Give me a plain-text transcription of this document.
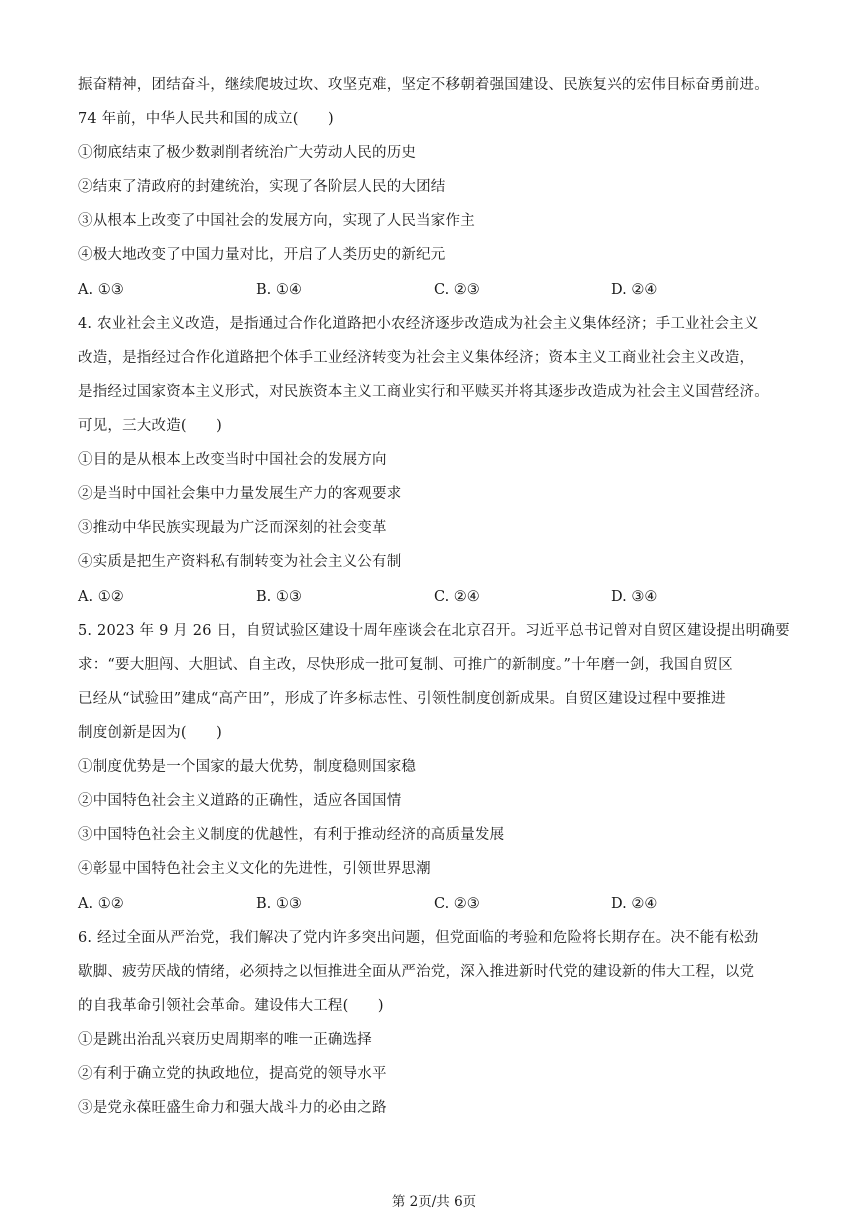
振奋精神，团结奋斗，继续爬坡过坎、攻坚克难，坚定不移朝着强国建设、民族复兴的宏伟目标奋勇前进。
74 年前，中华人民共和国的成立(　　)
①彻底结束了极少数剥削者统治广大劳动人民的历史
②结束了清政府的封建统治，实现了各阶层人民的大团结
③从根本上改变了中国社会的发展方向，实现了人民当家作主
④极大地改变了中国力量对比，开启了人类历史的新纪元
A. ①③	B. ①④	C. ②③	D. ②④
4. 农业社会主义改造，是指通过合作化道路把小农经济逐步改造成为社会主义集体经济；手工业社会主义
改造，是指经过合作化道路把个体手工业经济转变为社会主义集体经济；资本主义工商业社会主义改造，
是指经过国家资本主义形式，对民族资本主义工商业实行和平赎买并将其逐步改造成为社会主义国营经济。
可见，三大改造(　　)
①目的是从根本上改变当时中国社会的发展方向
②是当时中国社会集中力量发展生产力的客观要求
③推动中华民族实现最为广泛而深刻的社会变革
④实质是把生产资料私有制转变为社会主义公有制
A. ①②	B. ①③	C. ②④	D. ③④
5. 2023 年 9 月 26 日，自贸试验区建设十周年座谈会在北京召开。习近平总书记曾对自贸区建设提出明确要
求：“要大胆闯、大胆试、自主改，尽快形成一批可复制、可推广的新制度。”十年磨一剑，我国自贸区
已经从“试验田”建成“高产田”，形成了许多标志性、引领性制度创新成果。自贸区建设过程中要推进
制度创新是因为(　　)
①制度优势是一个国家的最大优势，制度稳则国家稳
②中国特色社会主义道路的正确性，适应各国国情
③中国特色社会主义制度的优越性，有利于推动经济的高质量发展
④彰显中国特色社会主义文化的先进性，引领世界思潮
A. ①②	B. ①③	C. ②③	D. ②④
6. 经过全面从严治党，我们解决了党内许多突出问题，但党面临的考验和危险将长期存在。决不能有松劲
歇脚、疲劳厌战的情绪，必须持之以恒推进全面从严治党，深入推进新时代党的建设新的伟大工程，以党
的自我革命引领社会革命。建设伟大工程(　　)
①是跳出治乱兴衰历史周期率的唯一正确选择
②有利于确立党的执政地位，提高党的领导水平
③是党永葆旺盛生命力和强大战斗力的必由之路
第 2页/共 6页
